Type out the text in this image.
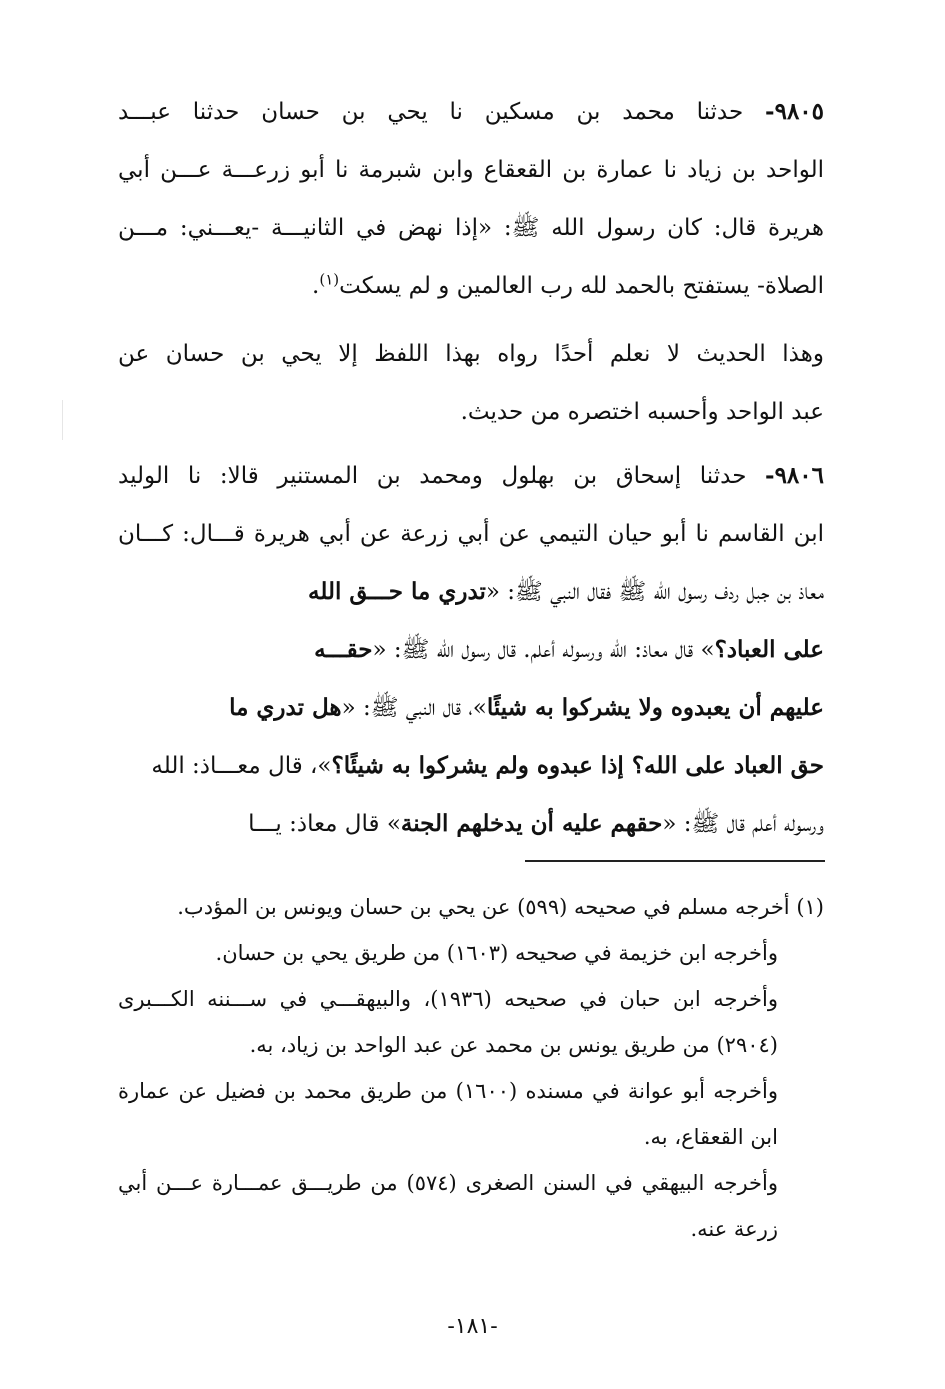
٩٨٠٥- حدثنا محمد بن مسكين نا يحي بن حسان حدثنا عبـــد
الواحد بن زياد نا عمارة بن القعقاع وابن شبرمة نا أبو زرعـــة عـــن أبي
هريرة قال: كان رسول الله ﷺ: «إذا نهض في الثانيـــة -يعـــني: مـــن
الصلاة- يستفتح بالحمد لله رب العالمين و لم يسكت$^{(١)}$.
وهذا الحديث لا نعلم أحدًا رواه بهذا اللفظ إلا يحي بن حسان عن
عبد الواحد وأحسبه اختصره من حديث.
٩٨٠٦- حدثنا إسحاق بن بهلول ومحمد بن المستنير قالا: نا الوليد
ابن القاسم نا أبو حيان التيمي عن أبي زرعة عن أبي هريرة قـــال: كـــان
معاذ بن جبل ردف رسول الله ﷺ فقال النبي ﷺ: «تدري ما حـــق الله
على العباد؟» قال معاذ: الله ورسوله أعلم. قال رسول الله ﷺ: «حقـــه
عليهم أن يعبدوه ولا يشركوا به شيئًا»، قال النبي ﷺ: «هل تدري ما
حق العباد على الله؟ إذا عبدوه ولم يشركوا به شيئًا؟»، قال معـــاذ: الله
ورسوله أعلم قال ﷺ: «حقهم عليه أن يدخلهم الجنة» قال معاذ: يـــا
(١) أخرجه مسلم في صحيحه (٥٩٩) عن يحي بن حسان ويونس بن المؤدب.
وأخرجه ابن خزيمة في صحيحه (١٦٠٣) من طريق يحي بن حسان.
وأخرجه ابن حبان في صحيحه (١٩٣٦)، والبيهقـــي في ســـننه الكـــبرى
(٢٩٠٤) من طريق يونس بن محمد عن عبد الواحد بن زياد، به.
وأخرجه أبو عوانة في مسنده (١٦٠٠) من طريق محمد بن فضيل عن عمارة
ابن القعقاع، به.
وأخرجه البيهقي في السنن الصغرى (٥٧٤) من طريـــق عمـــارة عـــن أبي
زرعة عنه.
-١٨١-
